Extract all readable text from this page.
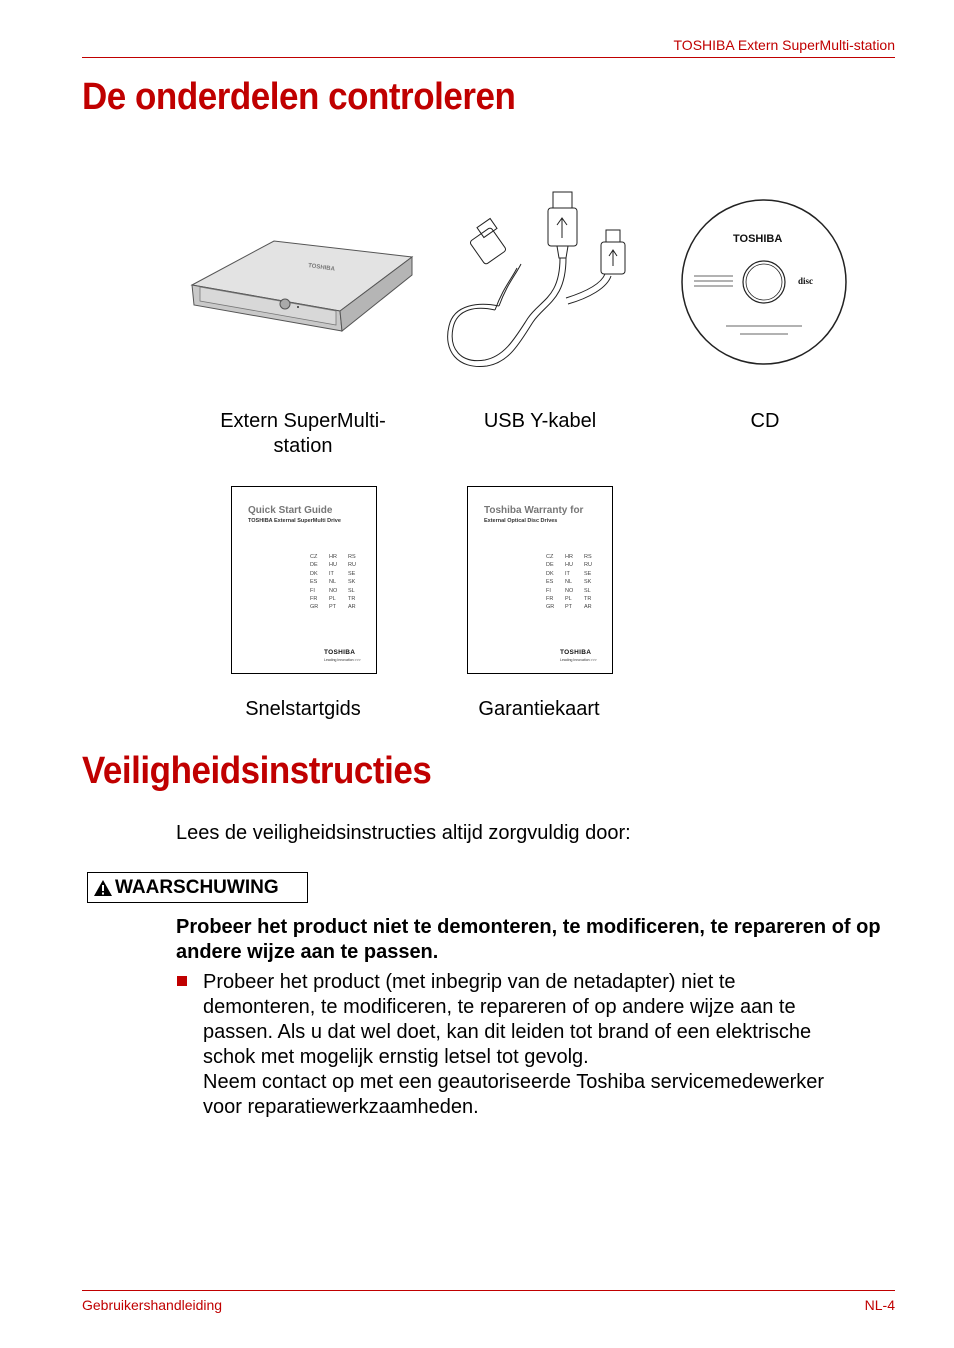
TOSHIBA Extern SuperMulti-station
De onderdelen controleren
TOSHIBA
TOSHIBA
disc
Extern SuperMulti-
station
USB Y-kabel	CD
Quick Start Guide
TOSHIBA External SuperMulti Drive
CZ HR RS
DE HU RU
DK IT	SE
ES NL SK
FI	NO SL
FR PL TR
GR PT AR
TOSHIBA
Leading Innovation >>>
Toshiba Warranty for
External Optical Disc Drives
CZ HR RS
DE HU RU
DK IT	SE
ES NL SK
FI	NO SL
FR PL TR
GR PT AR
TOSHIBA
Leading Innovation >>>
Snelstartgids	Garantiekaart
Veiligheidsinstructies
Lees de veiligheidsinstructies altijd zorgvuldig door:
WAARSCHUWING
Probeer het product niet te demonteren, te modificeren, te repareren of op andere wijze aan te passen.
Probeer het product (met inbegrip van de netadapter) niet te
demonteren, te modificeren, te repareren of op andere wijze aan te
passen. Als u dat wel doet, kan dit leiden tot brand of een elektrische
schok met mogelijk ernstig letsel tot gevolg.
Neem contact op met een geautoriseerde Toshiba servicemedewerker
voor reparatiewerkzaamheden.
Gebruikershandleiding	NL-4
